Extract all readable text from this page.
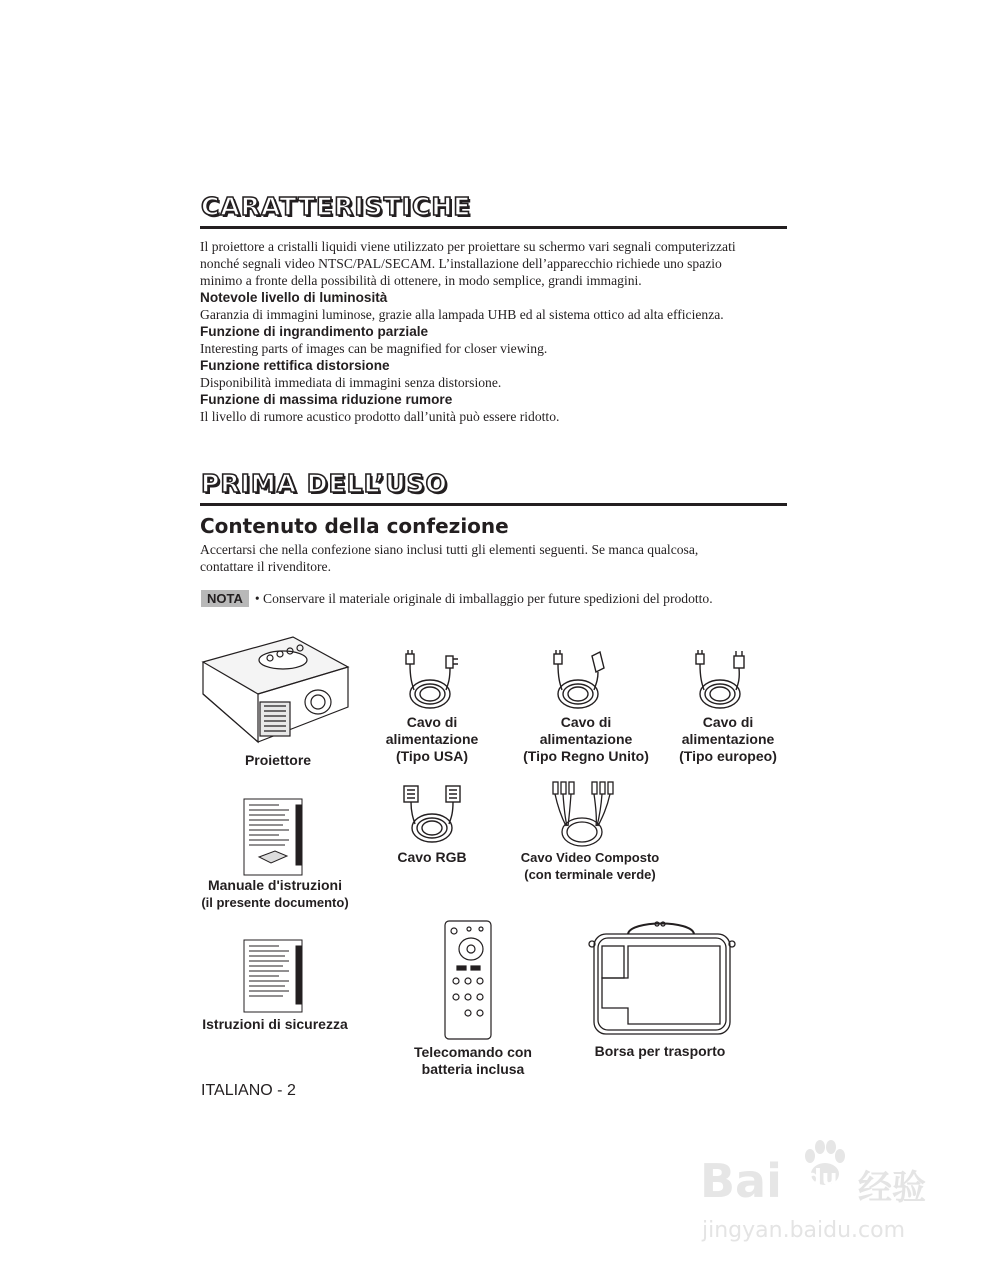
CARATTERISTICHE
Il proiettore a cristalli liquidi viene utilizzato per proiettare su schermo vari segnali computerizzati
nonché segnali video NTSC/PAL/SECAM. L’installazione dell’apparecchio richiede uno spazio
minimo a fronte della possibilità di ottenere, in modo semplice, grandi immagini.
Notevole livello di luminosità
Garanzia di immagini luminose, grazie alla lampada UHB ed al sistema ottico ad alta efficienza.
Funzione di ingrandimento parziale
Interesting parts of images can be magnified for closer viewing.
Funzione rettifica distorsione
Disponibilità immediata di immagini senza distorsione.
Funzione di massima riduzione rumore
Il livello di rumore acustico prodotto dall’unità può essere ridotto.
PRIMA DELL’USO
Contenuto della confezione
Accertarsi che nella confezione siano inclusi tutti gli elementi seguenti. Se manca qualcosa,
contattare il rivenditore.
NOTA • Conservare il materiale originale di imballaggio per future spedizioni del prodotto.
Proiettore
Cavo di
alimentazione
(Tipo USA)
Cavo di
alimentazione
(Tipo Regno Unito)
Cavo di
alimentazione
(Tipo europeo)
Manuale d'istruzioni
(il presente documento)
Cavo RGB	Cavo Video Composto
(con terminale verde)
Istruzioni di sicurezza
Telecomando con
batteria inclusa
Borsa per trasporto
ITALIANO - 2
Bai du 经验
jingyan.baidu.com
